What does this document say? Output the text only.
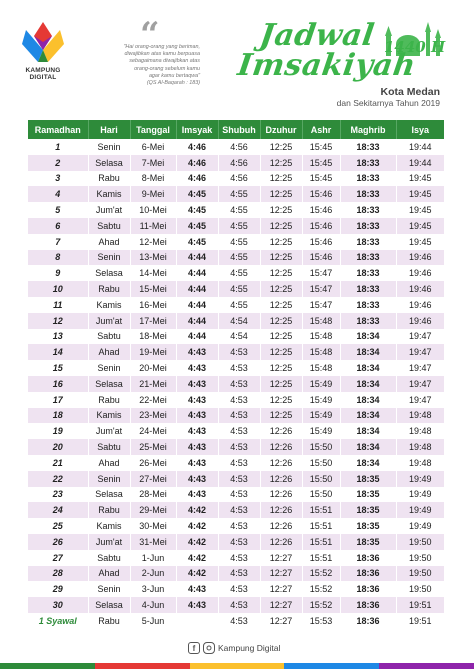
KAMPUNG
DIGITAL
“
"Hai orang-orang yang beriman,
diwajibkan atas kamu berpuasa
sebagaimana diwajibkan atas
orang-orang sebelum kamu
agar kamu bertaqwa"
(QS Al-Baqarah : 183)
Jadwal
Imsakiyah
1440 H
Kota Medan
dan Sekitarnya Tahun 2019
Ramadhan	Hari	Tanggal	Imsyak	Shubuh	Dzuhur	Ashr	Maghrib	Isya
1	Senin	6-Mei	4:46	4:56	12:25	15:45	18:33	19:44
2	Selasa	7-Mei	4:46	4:56	12:25	15:45	18:33	19:44
3	Rabu	8-Mei	4:46	4:56	12:25	15:45	18:33	19:45
4	Kamis	9-Mei	4:45	4:55	12:25	15:46	18:33	19:45
5	Jum'at	10-Mei	4:45	4:55	12:25	15:46	18:33	19:45
6	Sabtu	11-Mei	4:45	4:55	12:25	15:46	18:33	19:45
7	Ahad	12-Mei	4:45	4:55	12:25	15:46	18:33	19:45
8	Senin	13-Mei	4:44	4:55	12:25	15:46	18:33	19:46
9	Selasa	14-Mei	4:44	4:55	12:25	15:47	18:33	19:46
10	Rabu	15-Mei	4:44	4:55	12:25	15:47	18:33	19:46
11	Kamis	16-Mei	4:44	4:55	12:25	15:47	18:33	19:46
12	Jum'at	17-Mei	4:44	4:54	12:25	15:48	18:33	19:46
13	Sabtu	18-Mei	4:44	4:54	12:25	15:48	18:34	19:47
14	Ahad	19-Mei	4:43	4:53	12:25	15:48	18:34	19:47
15	Senin	20-Mei	4:43	4:53	12:25	15:48	18:34	19:47
16	Selasa	21-Mei	4:43	4:53	12:25	15:49	18:34	19:47
17	Rabu	22-Mei	4:43	4:53	12:25	15:49	18:34	19:47
18	Kamis	23-Mei	4:43	4:53	12:25	15:49	18:34	19:48
19	Jum'at	24-Mei	4:43	4:53	12:26	15:49	18:34	19:48
20	Sabtu	25-Mei	4:43	4:53	12:26	15:50	18:34	19:48
21	Ahad	26-Mei	4:43	4:53	12:26	15:50	18:34	19:48
22	Senin	27-Mei	4:43	4:53	12:26	15:50	18:35	19:49
23	Selasa	28-Mei	4:43	4:53	12:26	15:50	18:35	19:49
24	Rabu	29-Mei	4:42	4:53	12:26	15:51	18:35	19:49
25	Kamis	30-Mei	4:42	4:53	12:26	15:51	18:35	19:49
26	Jum'at	31-Mei	4:42	4:53	12:26	15:51	18:35	19:50
27	Sabtu	1-Jun	4:42	4:53	12:27	15:51	18:36	19:50
28	Ahad	2-Jun	4:42	4:53	12:27	15:52	18:36	19:50
29	Senin	3-Jun	4:43	4:53	12:27	15:52	18:36	19:50
30	Selasa	4-Jun	4:43	4:53	12:27	15:52	18:36	19:51
1 Syawal	Rabu	5-Jun		4:53	12:27	15:53	18:36	19:51
f	Kampung Digital
